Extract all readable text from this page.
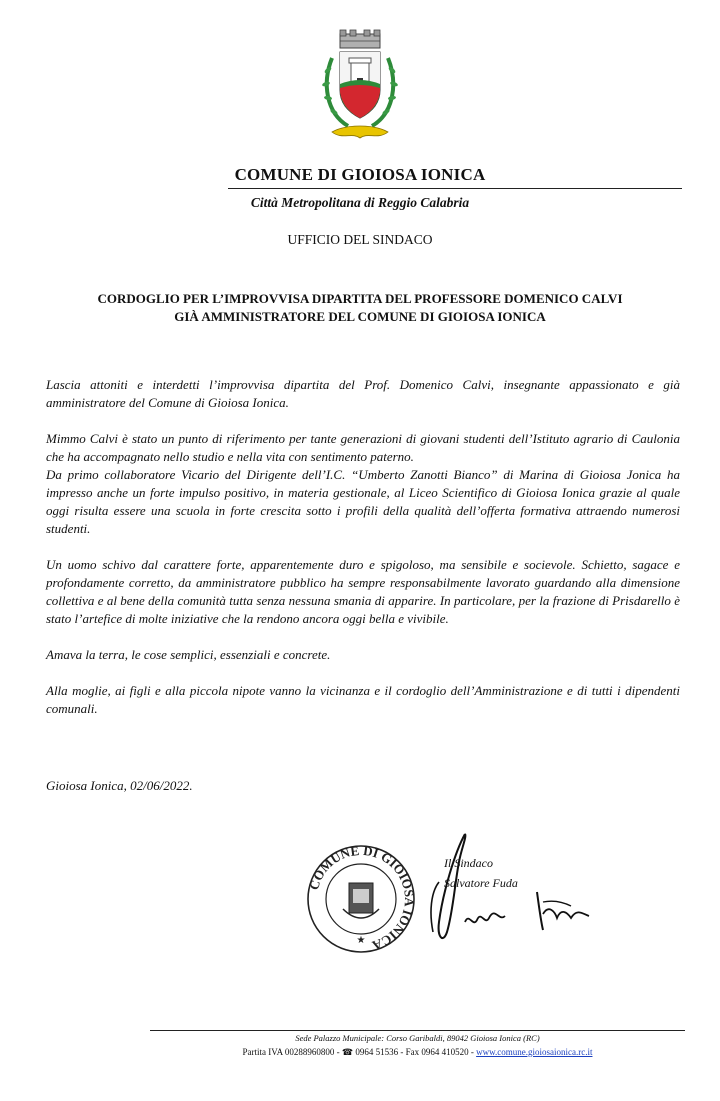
COMUNE DI GIOIOSA IONICA
Città Metropolitana di Reggio Calabria
UFFICIO DEL SINDACO
CORDOGLIO PER L’IMPROVVISA DIPARTITA DEL PROFESSORE DOMENICO CALVI
GIÀ AMMINISTRATORE DEL COMUNE DI GIOIOSA IONICA

Lascia attoniti e interdetti l’improvvisa dipartita del Prof. Domenico Calvi, insegnante appassionato e già amministratore del Comune di Gioiosa Ionica.

Mimmo Calvi è stato un punto di riferimento per tante generazioni di giovani studenti dell’Istituto agrario di Caulonia che ha accompagnato nello studio e nella vita con sentimento paterno.

Da primo collaboratore Vicario del Dirigente dell’I.C. “Umberto Zanotti Bianco” di Marina di Gioiosa Jonica ha impresso anche un forte impulso positivo, in materia gestionale, al Liceo Scientifico di Gioiosa Ionica grazie al quale oggi risulta essere una scuola in forte crescita sotto i profili della qualità dell’offerta formativa attraendo numerosi studenti.

Un uomo schivo dal carattere forte, apparentemente duro e spigoloso, ma sensibile e socievole. Schietto, sagace e profondamente corretto, da amministratore pubblico ha sempre responsabilmente lavorato guardando alla dimensione collettiva e al bene della comunità tutta senza nessuna smania di apparire. In particolare, per la frazione di Prisdarello è stato l’artefice di molte iniziative che la rendono ancora oggi bella e vivibile.

Amava la terra, le cose semplici, essenziali e concrete.

Alla moglie, ai figli e alla piccola nipote vanno la vicinanza e il cordoglio dell’Amministrazione e di tutti i dipendenti comunali.

Gioiosa Ionica, 02/06/2022.
COMUNE DI GIOIOSA IONICA
★
Il Sindaco
Salvatore Fuda
Sede Palazzo Municipale: Corso Garibaldi, 89042 Gioiosa Ionica (RC)
Partita IVA 00288960800 - ☎ 0964 51536 - Fax 0964 410520 - www.comune.gioiosaionica.rc.it
